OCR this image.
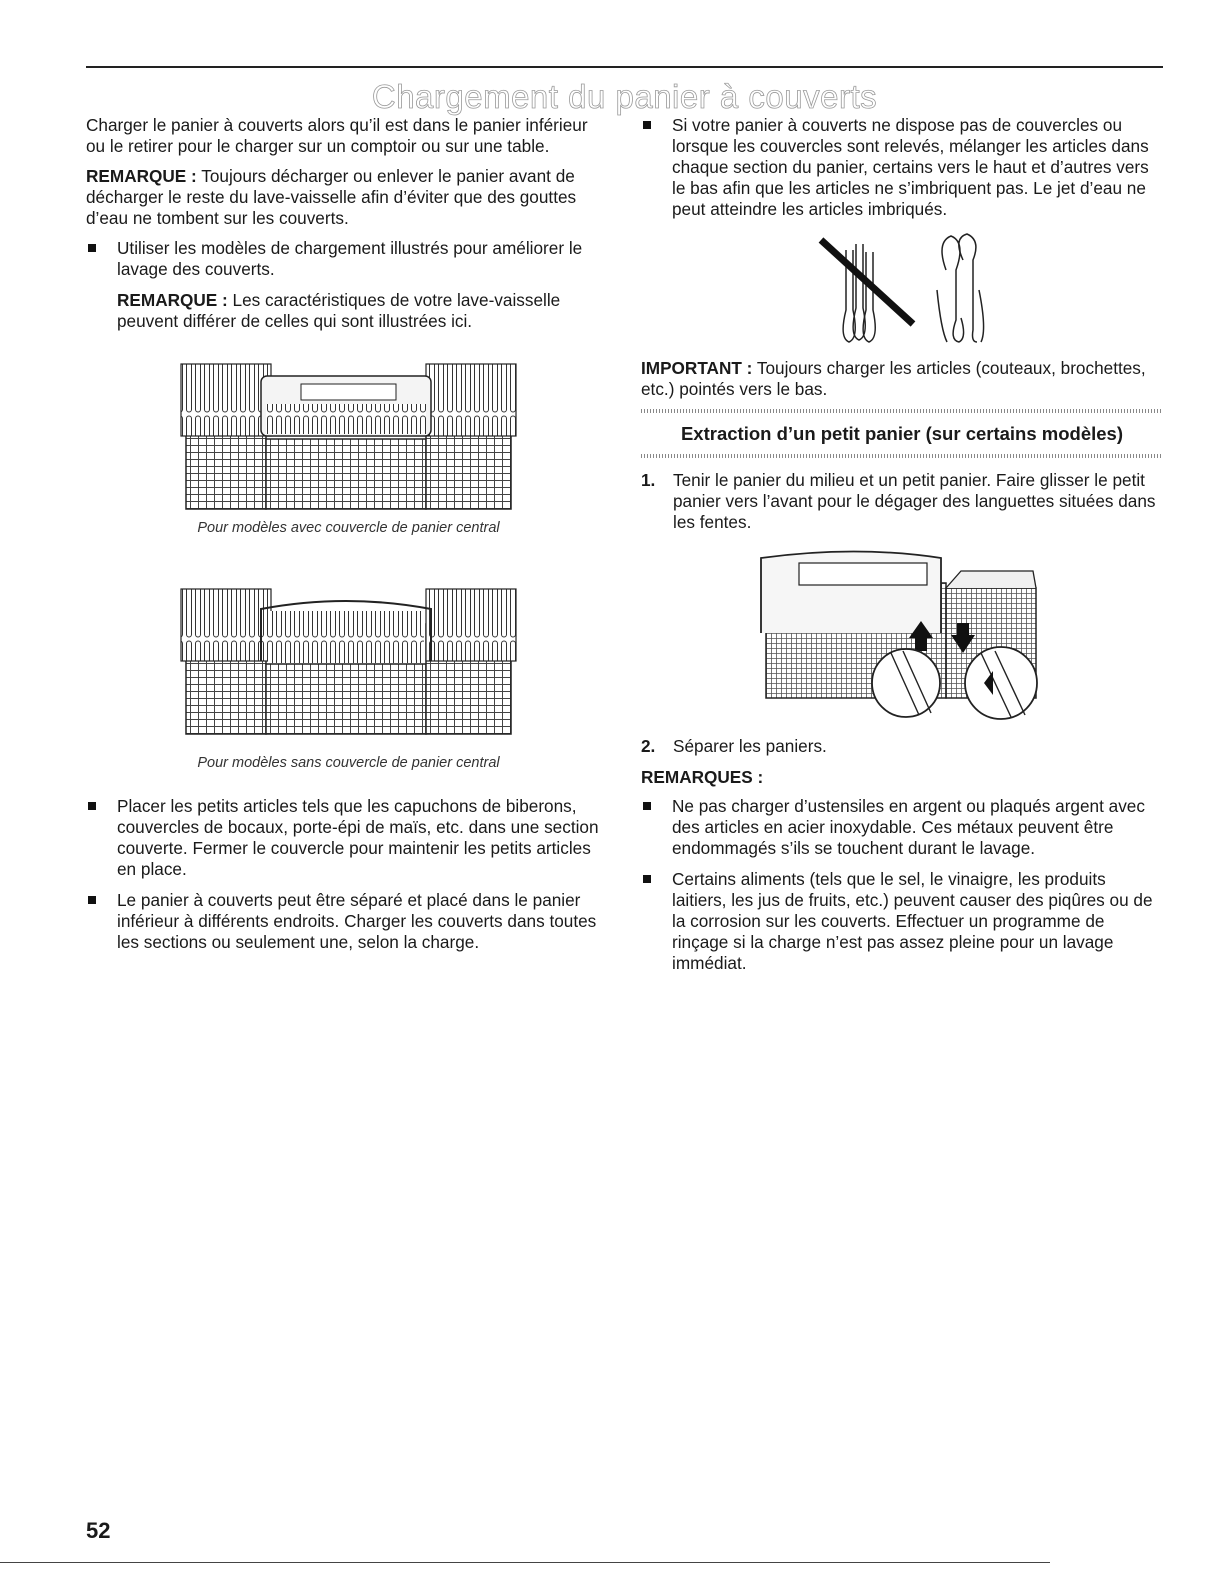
Chargement du panier à couverts

Charger le panier à couverts alors qu’il est dans le panier inférieur ou le retirer pour le charger sur un comptoir ou sur une table.

REMARQUE : Toujours décharger ou enlever le panier avant de décharger le reste du lave-vaisselle afin d’éviter que des gouttes d’eau ne tombent sur les couverts.

Utiliser les modèles de chargement illustrés pour améliorer le lavage des couverts.

REMARQUE : Les caractéristiques de votre lave-vaisselle peuvent différer de celles qui sont illustrées ici.

Pour modèles avec couvercle de panier central

Pour modèles sans couvercle de panier central

Placer les petits articles tels que les capuchons de biberons, couvercles de bocaux, porte-épi de maïs, etc. dans une section couverte. Fermer le couvercle pour maintenir les petits articles en place.
Le panier à couverts peut être séparé et placé dans le panier inférieur à différents endroits. Charger les couverts dans toutes les sections ou seulement une, selon la charge.
Si votre panier à couverts ne dispose pas de couvercles ou lorsque les couvercles sont relevés, mélanger les articles dans chaque section du panier, certains vers le haut et d’autres vers le bas afin que les articles ne s’imbriquent pas. Le jet d’eau ne peut atteindre les articles imbriqués.

IMPORTANT : Toujours charger les articles (couteaux, brochettes, etc.) pointés vers le bas.

Extraction d’un petit panier (sur certains modèles)
1. Tenir le panier du milieu et un petit panier. Faire glisser le petit panier vers l’avant pour le dégager des languettes situées dans les fentes.
2. Séparer les paniers.
REMARQUES :
Ne pas charger d’ustensiles en argent ou plaqués argent avec des articles en acier inoxydable. Ces métaux peuvent être endommagés s’ils se touchent durant le lavage.
Certains aliments (tels que le sel, le vinaigre, les produits laitiers, les jus de fruits, etc.) peuvent causer des piqûres ou de la corrosion sur les couverts. Effectuer un programme de rinçage si la charge n’est pas assez pleine pour un lavage immédiat.
52
